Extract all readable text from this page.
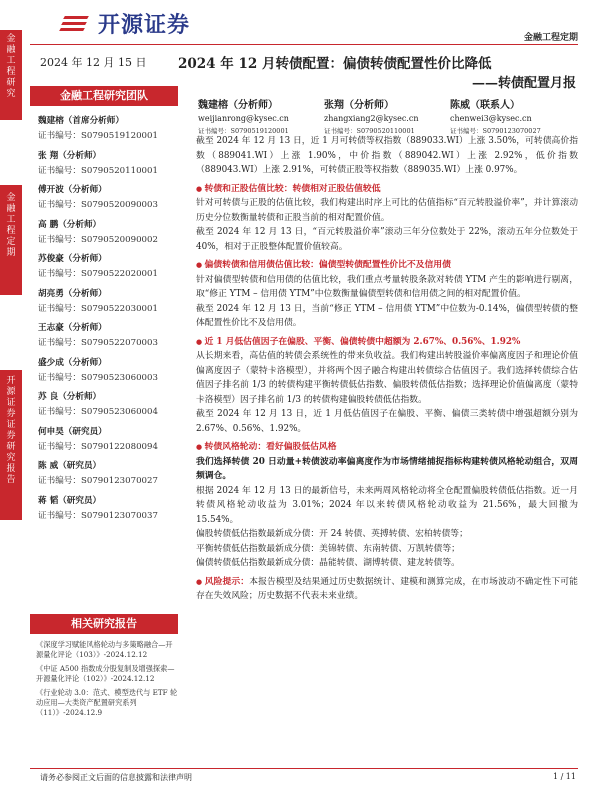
金融工程研究
金融工程定期
开源证券 证券研究报告
开源证券	金融工程定期
2024 年 12 月 15 日 2024 年 12 月转债配置：偏债转债配置性价比降低
——转债配置月报
金融工程研究团队
魏建榕（首席分析师）
证书编号：S0790519120001
张 翔（分析师）
证书编号：S0790520110001
傅开波（分析师）
证书编号：S0790520090003
高 鹏（分析师）
证书编号：S0790520090002
苏俊豪（分析师）
证书编号：S0790522020001
胡亮勇（分析师）
证书编号：S0790522030001
王志豪（分析师）
证书编号：S0790522070003
盛少成（分析师）
证书编号：S0790523060003
苏 良（分析师）
证书编号：S0790523060004
何申昊（研究员）
证书编号：S0790122080094
陈 威（研究员）
证书编号：S0790123070027
蒋 韬（研究员）
证书编号：S0790123070037
相关研究报告

《深度学习赋能风格轮动与多策略融合—开源量化评论（103）》-2024.12.12

《中证 A500 指数成分股复制及增强探索—开源量化评论（102）》-2024.12.12

《行业轮动 3.0：范式、模型迭代与 ETF 轮动应用—大类资产配置研究系列（11）》-2024.12.9

魏建榕（分析师）
weijianrong@kysec.cn
证书编号：S0790519120001
张翔（分析师）
zhangxiang2@kysec.cn
证书编号：S0790520110001
陈威（联系人）
chenwei3@kysec.cn
证书编号：S0790123070027

截至 2024 年 12 月 13 日，近 1 月可转债等权指数（889033.WI）上涨 3.50%，可转债高价指数（889041.WI）上涨 1.90%，中价指数（889042.WI）上涨 2.92%，低价指数（889043.WI）上涨 2.91%，可转债正股等权指数（889035.WI）上涨 0.97%。

● 转债和正股估值比较：转债相对正股估值较低

针对可转债与正股的估值比较，我们构建出时序上可比的估值指标“百元转股溢价率”，并计算滚动历史分位数衡量转债和正股当前的相对配置价值。

截至 2024 年 12 月 13 日，“百元转股溢价率”滚动三年分位数处于 22%，滚动五年分位数处于 40%，相对于正股整体配置价值较高。

● 偏债转债和信用债估值比较：偏债型转债配置性价比不及信用债

针对偏债型转债和信用债的估值比较，我们重点考量转股条款对转债 YTM 产生的影响进行剔离，取“修正 YTM – 信用债 YTM”中位数衡量偏债型转债和信用债之间的相对配置价值。

截至 2024 年 12 月 13 日，当前“修正 YTM – 信用债 YTM”中位数为-0.14%，偏债型转债的整体配置性价比不及信用债。

● 近 1 月低估值因子在偏股、平衡、偏债转债中超额为 2.67%、0.56%、1.92%

从长期来看，高估值的转债会系统性的带来负收益。我们构建出转股溢价率偏离度因子和理论价值偏离度因子（蒙特卡洛模型），并将两个因子融合构建出转债综合估值因子。我们选择转债综合估值因子排名前 1/3 的转债构建平衡转债低估指数、偏股转债低估指数；选择理论价值偏离度（蒙特卡洛模型）因子排名前 1/3 的转债构建偏股转债低估指数。

截至 2024 年 12 月 13 日，近 1 月低估值因子在偏股、平衡、偏债三类转债中增强超额分别为 2.67%、0.56%、1.92%。

● 转债风格轮动：看好偏股低估风格

我们选择转债 20 日动量+转债波动率偏离度作为市场情绪捕捉指标构建转债风格轮动组合，双周频调仓。

根据 2024 年 12 月 13 日的最新信号，未来两周风格轮动将全仓配置偏股转债低估指数。近一月转债风格轮动收益为 3.01%；2024 年以来转债风格轮动收益为 21.56%，最大回撤为 15.54%。

偏股转债低估指数最新成分债：开 24 转债、英搏转债、宏柏转债等；

平衡转债低估指数最新成分债：美锦转债、东南转债、万凯转债等；

偏债转债低估指数最新成分债：晶能转债、湖博转债、建龙转债等。

● 风险提示：本报告模型及结果通过历史数据统计、建模和测算完成，在市场波动不确定性下可能存在失效风险；历史数据不代表未来业绩。

请务必参阅正文后面的信息披露和法律声明	1 / 11
